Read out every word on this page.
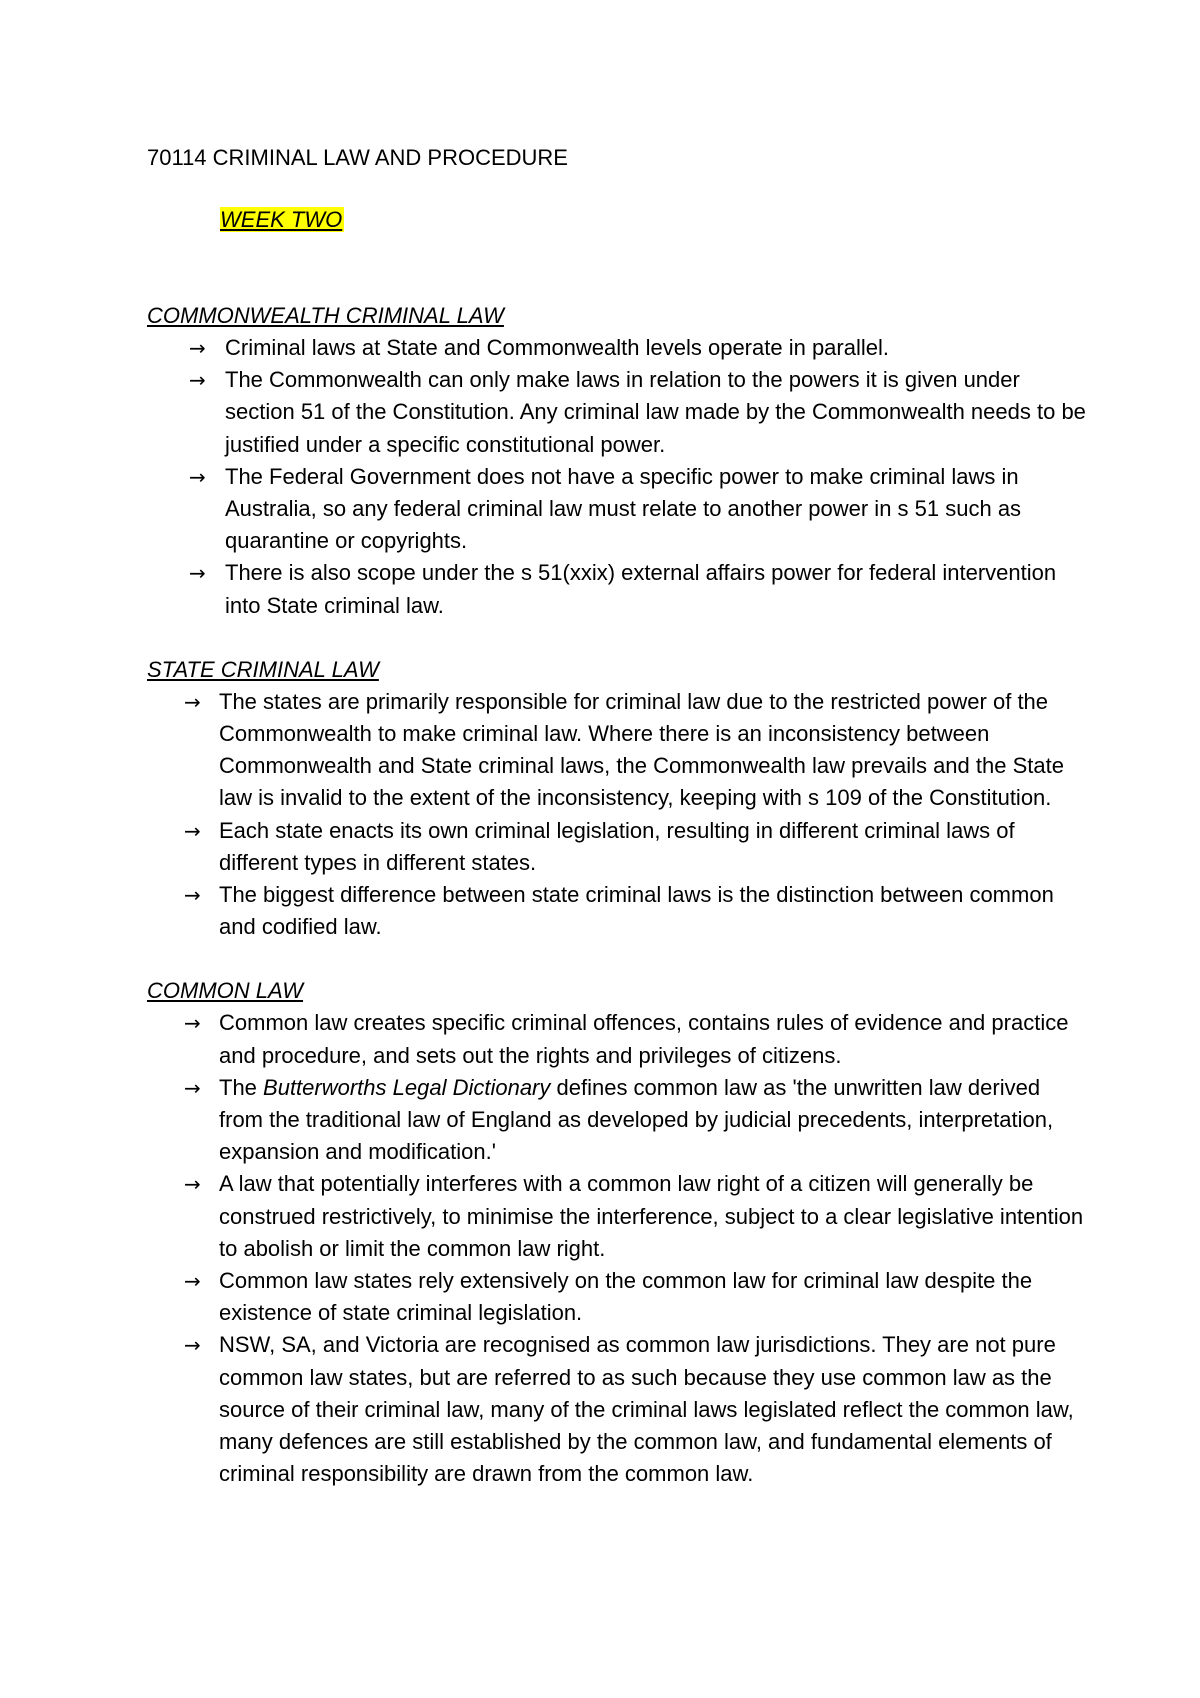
70114 CRIMINAL LAW AND PROCEDURE
WEEK TWO
COMMONWEALTH CRIMINAL LAW
→ Criminal laws at State and Commonwealth levels operate in parallel.
→ The Commonwealth can only make laws in relation to the powers it is given under section 51 of the Constitution. Any criminal law made by the Commonwealth needs to be justified under a specific constitutional power.
→ The Federal Government does not have a specific power to make criminal laws in Australia, so any federal criminal law must relate to another power in s 51 such as quarantine or copyrights.
→ There is also scope under the s 51(xxix) external affairs power for federal intervention into State criminal law.
STATE CRIMINAL LAW
→ The states are primarily responsible for criminal law due to the restricted power of the Commonwealth to make criminal law. Where there is an inconsistency between Commonwealth and State criminal laws, the Commonwealth law prevails and the State law is invalid to the extent of the inconsistency, keeping with s 109 of the Constitution.
→ Each state enacts its own criminal legislation, resulting in different criminal laws of different types in different states.
→ The biggest difference between state criminal laws is the distinction between common and codified law.
COMMON LAW
→ Common law creates specific criminal offences, contains rules of evidence and practice and procedure, and sets out the rights and privileges of citizens.
→ The Butterworths Legal Dictionary defines common law as 'the unwritten law derived from the traditional law of England as developed by judicial precedents, interpretation, expansion and modification.'
→ A law that potentially interferes with a common law right of a citizen will generally be construed restrictively, to minimise the interference, subject to a clear legislative intention to abolish or limit the common law right.
→ Common law states rely extensively on the common law for criminal law despite the existence of state criminal legislation.
→ NSW, SA, and Victoria are recognised as common law jurisdictions. They are not pure common law states, but are referred to as such because they use common law as the source of their criminal law, many of the criminal laws legislated reflect the common law, many defences are still established by the common law, and fundamental elements of criminal responsibility are drawn from the common law.
